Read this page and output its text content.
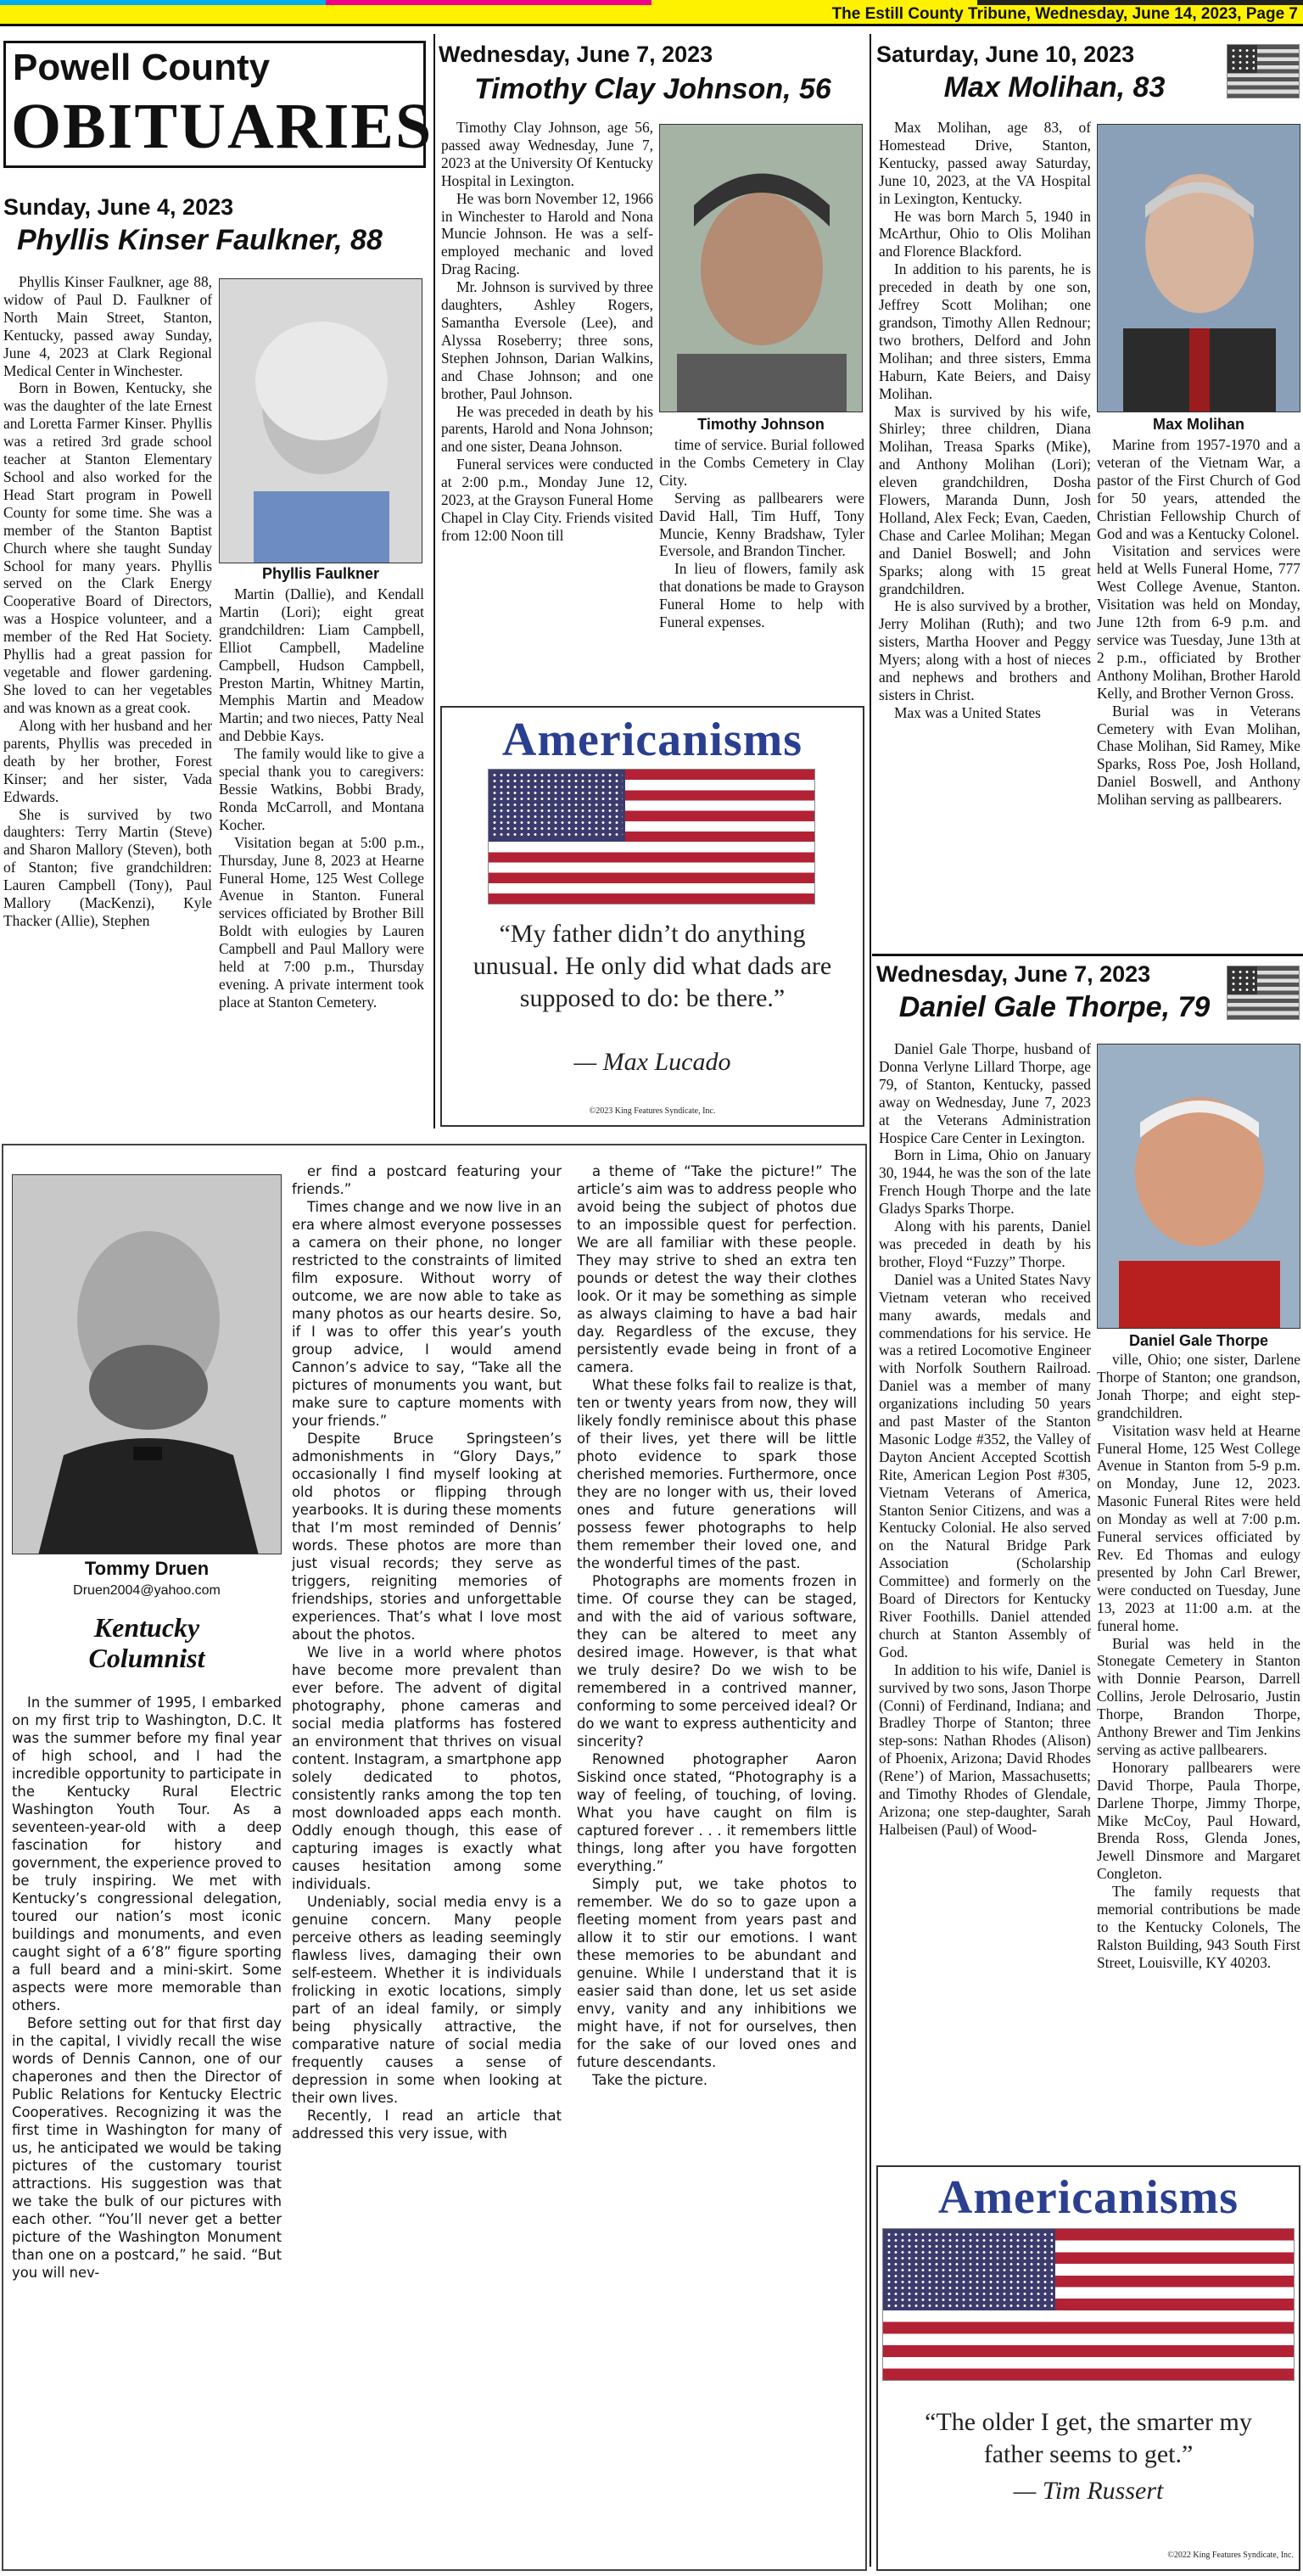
The Estill County Tribune, Wednesday, June 14, 2023, Page 7
Powell County
OBITUARIES
Sunday, June 4, 2023
Phyllis Kinser Faulkner, 88
Phyllis Faulkner

Phyllis Kinser Faulkner, age 88, widow of Paul D. Faulkner of North Main Street, Stanton, Kentucky, passed away Sunday, June 4, 2023 at Clark Regional Medical Center in Winchester.

Born in Bowen, Kentucky, she was the daughter of the late Ernest and Loretta Farmer Kinser. Phyllis was a retired 3rd grade school teacher at Stanton Elementary School and also worked for the Head Start program in Powell County for some time. She was a member of the Stanton Baptist Church where she taught Sunday School for many years. Phyllis served on the Clark Energy Cooperative Board of Directors, was a Hospice volunteer, and a member of the Red Hat Society. Phyllis had a great passion for vegetable and flower gardening. She loved to can her vegetables and was known as a great cook.

Along with her husband and her parents, Phyllis was preceded in death by her brother, Forest Kinser; and her sister, Vada Edwards.

She is survived by two daughters: Terry Martin (Steve) and Sharon Mallory (Steven), both of Stanton; five grandchildren: Lauren Campbell (Tony), Paul Mallory (MacKenzi), Kyle Thacker (Allie), Stephen

Martin (Dallie), and Kendall Martin (Lori); eight great grandchildren: Liam Campbell, Elliot Campbell, Madeline Campbell, Hudson Campbell, Preston Martin, Whitney Martin, Memphis Martin and Meadow Martin; and two nieces, Patty Neal and Debbie Kays.

The family would like to give a special thank you to caregivers: Bessie Watkins, Bobbi Brady, Ronda McCarroll, and Montana Kocher.

Visitation began at 5:00 p.m., Thursday, June 8, 2023 at Hearne Funeral Home, 125 West College Avenue in Stanton. Funeral services officiated by Brother Bill Boldt with eulogies by Lauren Campbell and Paul Mallory were held at 7:00 p.m., Thursday evening. A private interment took place at Stanton Cemetery.

Wednesday, June 7, 2023
Timothy Clay Johnson, 56
Timothy Johnson

Timothy Clay Johnson, age 56, passed away Wednesday, June 7, 2023 at the University Of Kentucky Hospital in Lexington.

He was born November 12, 1966 in Winchester to Harold and Nona Muncie Johnson. He was a self-employed mechanic and loved Drag Racing.

Mr. Johnson is survived by three daughters, Ashley Rogers, Samantha Eversole (Lee), and Alyssa Roseberry; three sons, Stephen Johnson, Darian Walkins, and Chase Johnson; and one brother, Paul Johnson.

He was preceded in death by his parents, Harold and Nona Johnson; and one sister, Deana Johnson.

Funeral services were conducted at 2:00 p.m., Monday June 12, 2023, at the Grayson Funeral Home Chapel in Clay City. Friends visited from 12:00 Noon till

time of service. Burial followed in the Combs Cemetery in Clay City.

Serving as pallbearers were David Hall, Tim Huff, Tony Muncie, Kenny Bradshaw, Tyler Eversole, and Brandon Tincher.

In lieu of flowers, family ask that donations be made to Grayson Funeral Home to help with Funeral expenses.

Americanisms
“My father didn’t do anything unusual. He only did what dads are supposed to do: be there.”
— Max Lucado
©2023 King Features Syndicate, Inc.
Saturday, June 10, 2023
Max Molihan, 83
Max Molihan

Max Molihan, age 83, of Homestead Drive, Stanton, Kentucky, passed away Saturday, June 10, 2023, at the VA Hospital in Lexington, Kentucky.

He was born March 5, 1940 in McArthur, Ohio to Olis Molihan and Florence Blackford.

In addition to his parents, he is preceded in death by one son, Jeffrey Scott Molihan; one grandson, Timothy Allen Rednour; two brothers, Delford and John Molihan; and three sisters, Emma Haburn, Kate Beiers, and Daisy Molihan.

Max is survived by his wife, Shirley; three children, Diana Molihan, Treasa Sparks (Mike), and Anthony Molihan (Lori); eleven grandchildren, Dosha Flowers, Maranda Dunn, Josh Holland, Alex Feck; Evan, Caeden, Chase and Carlee Molihan; Megan and Daniel Boswell; and John Sparks; along with 15 great grandchildren.

He is also survived by a brother, Jerry Molihan (Ruth); and two sisters, Martha Hoover and Peggy Myers; along with a host of nieces and nephews and brothers and sisters in Christ.

Max was a United States

Marine from 1957-1970 and a veteran of the Vietnam War, a pastor of the First Church of God for 50 years, attended the Christian Fellowship Church of God and was a Kentucky Colonel.

Visitation and services were held at Wells Funeral Home, 777 West College Avenue, Stanton. Visitation was held on Monday, June 12th from 6-9 p.m. and service was Tuesday, June 13th at 2 p.m., officiated by Brother Anthony Molihan, Brother Harold Kelly, and Brother Vernon Gross.

Burial was in Veterans Cemetery with Evan Molihan, Chase Molihan, Sid Ramey, Mike Sparks, Ross Poe, Josh Holland, Daniel Boswell, and Anthony Molihan serving as pallbearers.

Wednesday, June 7, 2023
Daniel Gale Thorpe, 79
Daniel Gale Thorpe

Daniel Gale Thorpe, husband of Donna Verlyne Lillard Thorpe, age 79, of Stanton, Kentucky, passed away on Wednesday, June 7, 2023 at the Veterans Administration Hospice Care Center in Lexington.

Born in Lima, Ohio on January 30, 1944, he was the son of the late French Hough Thorpe and the late Gladys Sparks Thorpe.

Along with his parents, Daniel was preceded in death by his brother, Floyd “Fuzzy” Thorpe.

Daniel was a United States Navy Vietnam veteran who received many awards, medals and commendations for his service. He was a retired Locomotive Engineer with Norfolk Southern Railroad. Daniel was a member of many organizations including 50 years and past Master of the Stanton Masonic Lodge #352, the Valley of Dayton Ancient Accepted Scottish Rite, American Legion Post #305, Vietnam Veterans of America, Stanton Senior Citizens, and was a Kentucky Colonial. He also served on the Natural Bridge Park Association (Scholarship Committee) and formerly on the Board of Directors for Kentucky River Foothills. Daniel attended church at Stanton Assembly of God.

In addition to his wife, Daniel is survived by two sons, Jason Thorpe (Conni) of Ferdinand, Indiana; and Bradley Thorpe of Stanton; three step-sons: Nathan Rhodes (Alison) of Phoenix, Arizona; David Rhodes (Rene’) of Marion, Massachusetts; and Timothy Rhodes of Glendale, Arizona; one step-daughter, Sarah Halbeisen (Paul) of Wood-

ville, Ohio; one sister, Darlene Thorpe of Stanton; one grandson, Jonah Thorpe; and eight step-grandchildren.

Visitation wasv held at Hearne Funeral Home, 125 West College Avenue in Stanton from 5-9 p.m. on Monday, June 12, 2023. Masonic Funeral Rites were held on Monday as well at 7:00 p.m. Funeral services officiated by Rev. Ed Thomas and eulogy presented by John Carl Brewer, were conducted on Tuesday, June 13, 2023 at 11:00 a.m. at the funeral home.

Burial was held in the Stonegate Cemetery in Stanton with Donnie Pearson, Darrell Collins, Jerole Delrosario, Justin Thorpe, Brandon Thorpe, Anthony Brewer and Tim Jenkins serving as active pallbearers.

Honorary pallbearers were David Thorpe, Paula Thorpe, Darlene Thorpe, Jimmy Thorpe, Mike McCoy, Paul Howard, Brenda Ross, Glenda Jones, Jewell Dinsmore and Margaret Congleton.

The family requests that memorial contributions be made to the Kentucky Colonels, The Ralston Building, 943 South First Street, Louisville, KY 40203.

Americanisms
“The older I get, the smarter my father seems to get.”
— Tim Russert
©2022 King Features Syndicate, Inc.
Tommy Druen
Druen2004@yahoo.com
Kentucky
Columnist

In the summer of 1995, I embarked on my first trip to Washington, D.C. It was the summer before my final year of high school, and I had the incredible opportunity to participate in the Kentucky Rural Electric Washington Youth Tour. As a seventeen-year-old with a deep fascination for history and government, the experience proved to be truly inspiring. We met with Kentucky’s congressional delegation, toured our nation’s most iconic buildings and monuments, and even caught sight of a 6’8” figure sporting a full beard and a mini-skirt. Some aspects were more memorable than others.

Before setting out for that first day in the capital, I vividly recall the wise words of Dennis Cannon, one of our chaperones and then the Director of Public Relations for Kentucky Electric Cooperatives. Recognizing it was the first time in Washington for many of us, he anticipated we would be taking pictures of the customary tourist attractions. His suggestion was that we take the bulk of our pictures with each other. “You’ll never get a better picture of the Washington Monument than one on a postcard,” he said. “But you will nev-

er find a postcard featuring your friends.”

Times change and we now live in an era where almost everyone possesses a camera on their phone, no longer restricted to the constraints of limited film exposure. Without worry of outcome, we are now able to take as many photos as our hearts desire. So, if I was to offer this year’s youth group advice, I would amend Cannon’s advice to say, “Take all the pictures of monuments you want, but make sure to capture moments with your friends.”

Despite Bruce Springsteen’s admonishments in “Glory Days,” occasionally I find myself looking at old photos or flipping through yearbooks. It is during these moments that I’m most reminded of Dennis’ words. These photos are more than just visual records; they serve as triggers, reigniting memories of friendships, stories and unforgettable experiences. That’s what I love most about the photos.

We live in a world where photos have become more prevalent than ever before. The advent of digital photography, phone cameras and social media platforms has fostered an environment that thrives on visual content. Instagram, a smartphone app solely dedicated to photos, consistently ranks among the top ten most downloaded apps each month. Oddly enough though, this ease of capturing images is exactly what causes hesitation among some individuals.

Undeniably, social media envy is a genuine concern. Many people perceive others as leading seemingly flawless lives, damaging their own self-esteem. Whether it is individuals frolicking in exotic locations, simply part of an ideal family, or simply being physically attractive, the comparative nature of social media frequently causes a sense of depression in some when looking at their own lives.

Recently, I read an article that addressed this very issue, with

a theme of “Take the picture!” The article’s aim was to address people who avoid being the subject of photos due to an impossible quest for perfection. We are all familiar with these people. They may strive to shed an extra ten pounds or detest the way their clothes look. Or it may be something as simple as always claiming to have a bad hair day. Regardless of the excuse, they persistently evade being in front of a camera.

What these folks fail to realize is that, ten or twenty years from now, they will likely fondly reminisce about this phase of their lives, yet there will be little photo evidence to spark those cherished memories. Furthermore, once they are no longer with us, their loved ones and future generations will possess fewer photographs to help them remember their loved one, and the wonderful times of the past.

Photographs are moments frozen in time. Of course they can be staged, and with the aid of various software, they can be altered to meet any desired image. However, is that what we truly desire? Do we wish to be remembered in a contrived manner, conforming to some perceived ideal? Or do we want to express authenticity and sincerity?

Renowned photographer Aaron Siskind once stated, “Photography is a way of feeling, of touching, of loving. What you have caught on film is captured forever . . . it remembers little things, long after you have forgotten everything.”

Simply put, we take photos to remember. We do so to gaze upon a fleeting moment from years past and allow it to stir our emotions. I want these memories to be abundant and genuine. While I understand that it is easier said than done, let us set aside envy, vanity and any inhibitions we might have, if not for ourselves, then for the sake of our loved ones and future descendants.

Take the picture.
